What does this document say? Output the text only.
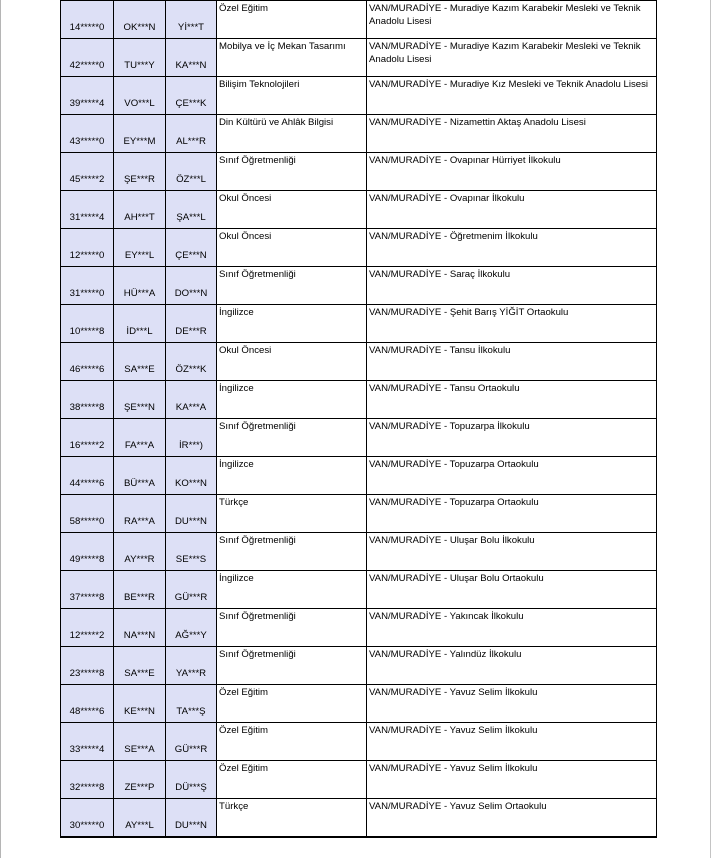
14*****0	OK***N	Yİ***T	Özel Eğitim	VAN/MURADİYE - Muradiye Kazım Karabekir Mesleki ve Teknik Anadolu Lisesi
42*****0	TU***Y	KA***N	Mobilya ve İç Mekan Tasarımı	VAN/MURADİYE - Muradiye Kazım Karabekir Mesleki ve Teknik Anadolu Lisesi
39*****4	VO***L	ÇE***K	Bilişim Teknolojileri	VAN/MURADİYE - Muradiye Kız Mesleki ve Teknik Anadolu Lisesi
43*****0	EY***M	AL***R	Din Kültürü ve Ahlâk Bilgisi	VAN/MURADİYE - Nizamettin Aktaş Anadolu Lisesi
45*****2	ŞE***R	ÖZ***L	Sınıf Öğretmenliği	VAN/MURADİYE - Ovapınar Hürriyet İlkokulu
31*****4	AH***T	ŞA***L	Okul Öncesi	VAN/MURADİYE - Ovapınar İlkokulu
12*****0	EY***L	ÇE***N	Okul Öncesi	VAN/MURADİYE - Öğretmenim İlkokulu
31*****0	HÜ***A	DO***N	Sınıf Öğretmenliği	VAN/MURADİYE - Saraç İlkokulu
10*****8	İD***L	DE***R	İngilizce	VAN/MURADİYE - Şehit Barış YİĞİT Ortaokulu
46*****6	SA***E	ÖZ***K	Okul Öncesi	VAN/MURADİYE - Tansu İlkokulu
38*****8	ŞE***N	KA***A	İngilizce	VAN/MURADİYE - Tansu Ortaokulu
16*****2	FA***A	İR***)	Sınıf Öğretmenliği	VAN/MURADİYE - Topuzarpa İlkokulu
44*****6	BÜ***A	KO***N	İngilizce	VAN/MURADİYE - Topuzarpa Ortaokulu
58*****0	RA***A	DU***N	Türkçe	VAN/MURADİYE - Topuzarpa Ortaokulu
49*****8	AY***R	SE***S	Sınıf Öğretmenliği	VAN/MURADİYE - Uluşar Bolu İlkokulu
37*****8	BE***R	GÜ***R	İngilizce	VAN/MURADİYE - Uluşar Bolu Ortaokulu
12*****2	NA***N	AĞ***Y	Sınıf Öğretmenliği	VAN/MURADİYE - Yakıncak İlkokulu
23*****8	SA***E	YA***R	Sınıf Öğretmenliği	VAN/MURADİYE - Yalındüz İlkokulu
48*****6	KE***N	TA***Ş	Özel Eğitim	VAN/MURADİYE - Yavuz Selim İlkokulu
33*****4	SE***A	GÜ***R	Özel Eğitim	VAN/MURADİYE - Yavuz Selim İlkokulu
32*****8	ZE***P	DÜ***Ş	Özel Eğitim	VAN/MURADİYE - Yavuz Selim İlkokulu
30*****0	AY***L	DU***N	Türkçe	VAN/MURADİYE - Yavuz Selim Ortaokulu
